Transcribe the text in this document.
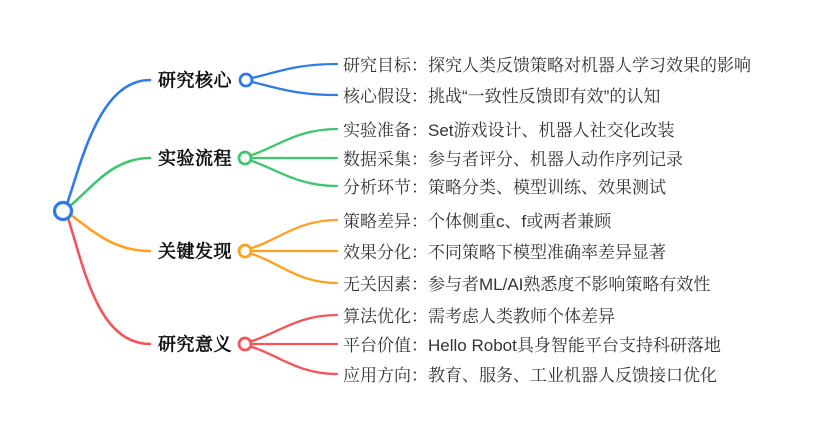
研究核心
实验流程
关键发现
研究意义
研究目标：探究人类反馈策略对机器人学习效果的影响
核心假设：挑战“一致性反馈即有效”的认知
实验准备：Set游戏设计、机器人社交化改装
数据采集：参与者评分、机器人动作序列记录
分析环节：策略分类、模型训练、效果测试
策略差异：个体侧重c、f或两者兼顾
效果分化：不同策略下模型准确率差异显著
无关因素：参与者ML/AI熟悉度不影响策略有效性
算法优化：需考虑人类教师个体差异
平台价值：Hello Robot具身智能平台支持科研落地
应用方向：教育、服务、工业机器人反馈接口优化
